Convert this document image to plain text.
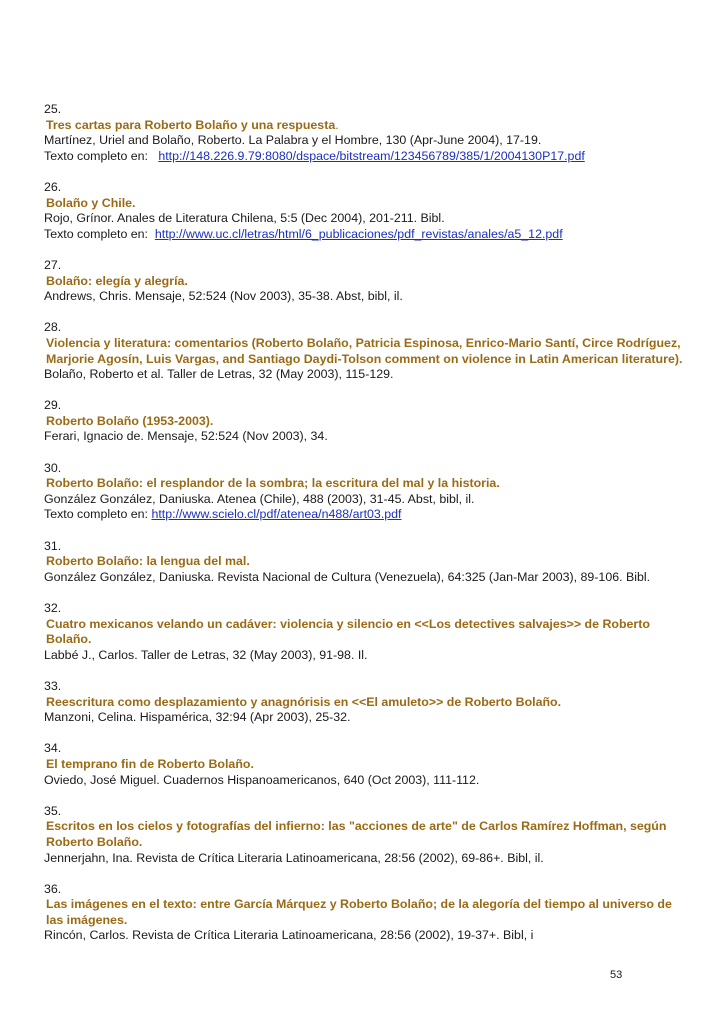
25.
Tres cartas para Roberto Bolaño y una respuesta.
Martínez, Uriel and Bolaño, Roberto. La Palabra y el Hombre, 130 (Apr-June 2004), 17-19.
Texto completo en:   http://148.226.9.79:8080/dspace/bitstream/123456789/385/1/2004130P17.pdf
26.
Bolaño y Chile.
Rojo, Grínor. Anales de Literatura Chilena, 5:5 (Dec 2004), 201-211. Bibl.
Texto completo en:  http://www.uc.cl/letras/html/6_publicaciones/pdf_revistas/anales/a5_12.pdf
27.
Bolaño: elegía y alegría.
Andrews, Chris. Mensaje, 52:524 (Nov 2003), 35-38. Abst, bibl, il.
28.
Violencia y literatura: comentarios (Roberto Bolaño, Patricia Espinosa, Enrico-Mario Santí, Circe Rodríguez, Marjorie Agosín, Luis Vargas, and Santiago Daydi-Tolson comment on violence in Latin American literature).
Bolaño, Roberto et al. Taller de Letras, 32 (May 2003), 115-129.
29.
Roberto Bolaño (1953-2003).
Ferari, Ignacio de. Mensaje, 52:524 (Nov 2003), 34.
30.
Roberto Bolaño: el resplandor de la sombra; la escritura del mal y la historia.
González González, Daniuska. Atenea (Chile), 488 (2003), 31-45. Abst, bibl, il.
Texto completo en: http://www.scielo.cl/pdf/atenea/n488/art03.pdf
31.
Roberto Bolaño: la lengua del mal.
González González, Daniuska. Revista Nacional de Cultura (Venezuela), 64:325 (Jan-Mar 2003), 89-106. Bibl.
32.
Cuatro mexicanos velando un cadáver: violencia y silencio en <<Los detectives salvajes>> de Roberto Bolaño.
Labbé J., Carlos. Taller de Letras, 32 (May 2003), 91-98. Il.
33.
Reescritura como desplazamiento y anagnórisis en <<El amuleto>> de Roberto Bolaño.
Manzoni, Celina. Hispamérica, 32:94 (Apr 2003), 25-32.
34.
El temprano fin de Roberto Bolaño.
Oviedo, José Miguel. Cuadernos Hispanoamericanos, 640 (Oct 2003), 111-112.
35.
Escritos en los cielos y fotografías del infierno: las "acciones de arte" de Carlos Ramírez Hoffman, según Roberto Bolaño.
Jennerjahn, Ina. Revista de Crítica Literaria Latinoamericana, 28:56 (2002), 69-86+. Bibl, il.
36.
Las imágenes en el texto: entre García Márquez y Roberto Bolaño; de la alegoría del tiempo al universo de las imágenes.
Rincón, Carlos. Revista de Crítica Literaria Latinoamericana, 28:56 (2002), 19-37+. Bibl, i
53
